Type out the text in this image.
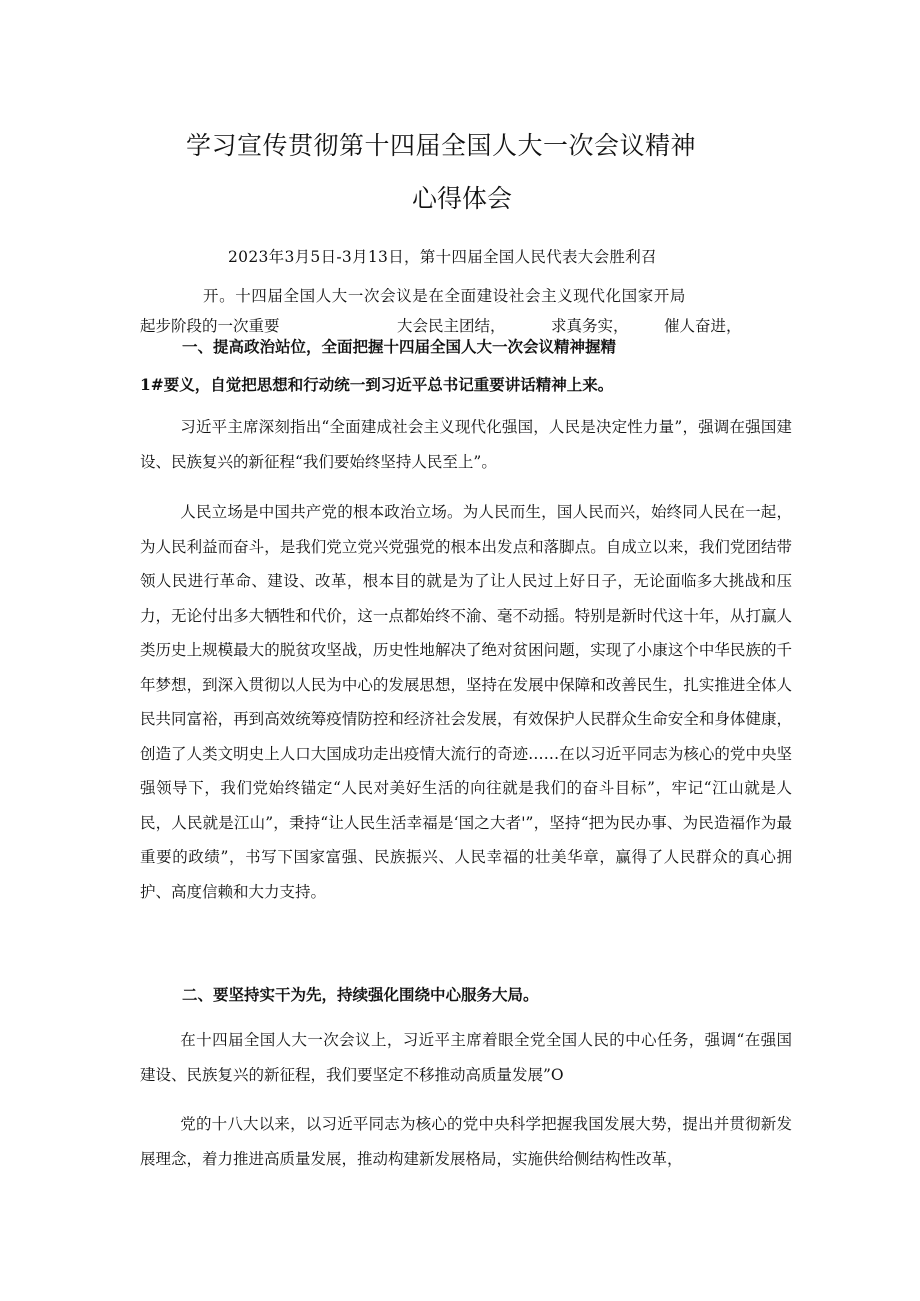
学习宣传贯彻第十四届全国人大一次会议精神
心得体会
2023年3月5日-3月13日，第十四届全国人民代表大会胜利召
开。十四届全国人大一次会议是在全面建设社会主义现代化国家开局
起步阶段的一次重要	大会民主团结，	求真务实， 催人奋进，
一、提高政治站位，全面把握十四届全国人大一次会议精神握精
1#要义，自觉把思想和行动统一到习近平总书记重要讲话精神上来。
习近平主席深刻指出“全面建成社会主义现代化强国，人民是决定性力量”，强调在强国建设、民族复兴的新征程“我们要始终坚持人民至上”。
人民立场是中国共产党的根本政治立场。为人民而生，国人民而兴，始终同人民在一起，为人民利益而奋斗，是我们党立党兴党强党的根本出发点和落脚点。自成立以来，我们党团结带领人民进行革命、建设、改革，根本目的就是为了让人民过上好日子，无论面临多大挑战和压力，无论付出多大牺牲和代价，这一点都始终不渝、毫不动摇。特别是新时代这十年，从打赢人类历史上规模最大的脱贫攻坚战，历史性地解决了绝对贫困问题，实现了小康这个中华民族的千年梦想，到深入贯彻以人民为中心的发展思想，坚持在发展中保障和改善民生，扎实推进全体人民共同富裕，再到高效统筹疫情防控和经济社会发展，有效保护人民群众生命安全和身体健康，创造了人类文明史上人口大国成功走出疫情大流行的奇迹……在以习近平同志为核心的党中央坚强领导下，我们党始终锚定“人民对美好生活的向往就是我们的奋斗目标”，牢记“江山就是人民，人民就是江山”，秉持“让人民生活幸福是‘国之大者'”，坚持“把为民办事、为民造福作为最重要的政绩”，书写下国家富强、民族振兴、人民幸福的壮美华章，赢得了人民群众的真心拥护、高度信赖和大力支持。
二、要坚持实干为先，持续强化围绕中心服务大局。
在十四届全国人大一次会议上，习近平主席着眼全党全国人民的中心任务，强调“在强国建设、民族复兴的新征程，我们要坚定不移推动高质量发展”O
党的十八大以来，以习近平同志为核心的党中央科学把握我国发展大势，提出并贯彻新发展理念，着力推进高质量发展，推动构建新发展格局，实施供给侧结构性改革，
